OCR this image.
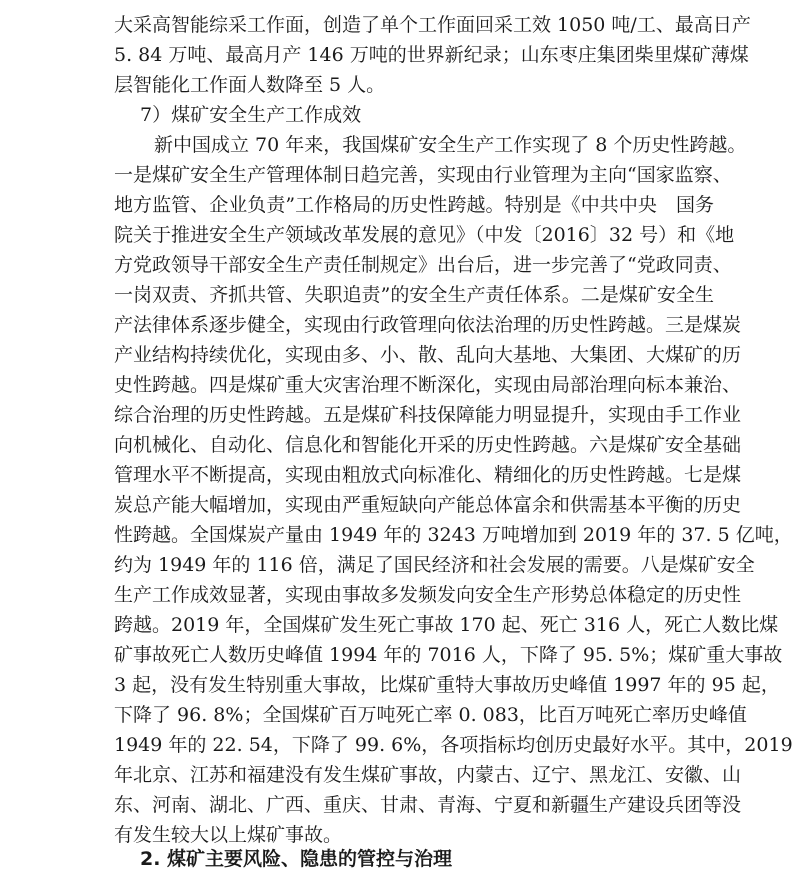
大采高智能综采工作面，创造了单个工作面回采工效 1050 吨/工、最高日产
5. 84 万吨、最高月产 146 万吨的世界新纪录；山东枣庄集团柴里煤矿薄煤
层智能化工作面人数降至 5 人。
7）煤矿安全生产工作成效
新中国成立 70 年来，我国煤矿安全生产工作实现了 8 个历史性跨越。
一是煤矿安全生产管理体制日趋完善，实现由行业管理为主向“国家监察、
地方监管、企业负责”工作格局的历史性跨越。特别是《中共中央　国务
院关于推进安全生产领域改革发展的意见》（中发〔2016〕32 号）和《地
方党政领导干部安全生产责任制规定》出台后，进一步完善了“党政同责、
一岗双责、齐抓共管、失职追责”的安全生产责任体系。二是煤矿安全生
产法律体系逐步健全，实现由行政管理向依法治理的历史性跨越。三是煤炭
产业结构持续优化，实现由多、小、散、乱向大基地、大集团、大煤矿的历
史性跨越。四是煤矿重大灾害治理不断深化，实现由局部治理向标本兼治、
综合治理的历史性跨越。五是煤矿科技保障能力明显提升，实现由手工作业
向机械化、自动化、信息化和智能化开采的历史性跨越。六是煤矿安全基础
管理水平不断提高，实现由粗放式向标准化、精细化的历史性跨越。七是煤
炭总产能大幅增加，实现由严重短缺向产能总体富余和供需基本平衡的历史
性跨越。全国煤炭产量由 1949 年的 3243 万吨增加到 2019 年的 37. 5 亿吨，
约为 1949 年的 116 倍，满足了国民经济和社会发展的需要。八是煤矿安全
生产工作成效显著，实现由事故多发频发向安全生产形势总体稳定的历史性
跨越。2019 年，全国煤矿发生死亡事故 170 起、死亡 316 人，死亡人数比煤
矿事故死亡人数历史峰值 1994 年的 7016 人，下降了 95. 5%；煤矿重大事故
3 起，没有发生特别重大事故，比煤矿重特大事故历史峰值 1997 年的 95 起，
下降了 96. 8%；全国煤矿百万吨死亡率 0. 083，比百万吨死亡率历史峰值
1949 年的 22. 54，下降了 99. 6%，各项指标均创历史最好水平。其中，2019
年北京、江苏和福建没有发生煤矿事故，内蒙古、辽宁、黑龙江、安徽、山
东、河南、湖北、广西、重庆、甘肃、青海、宁夏和新疆生产建设兵团等没
有发生较大以上煤矿事故。
2. 煤矿主要风险、隐患的管控与治理
